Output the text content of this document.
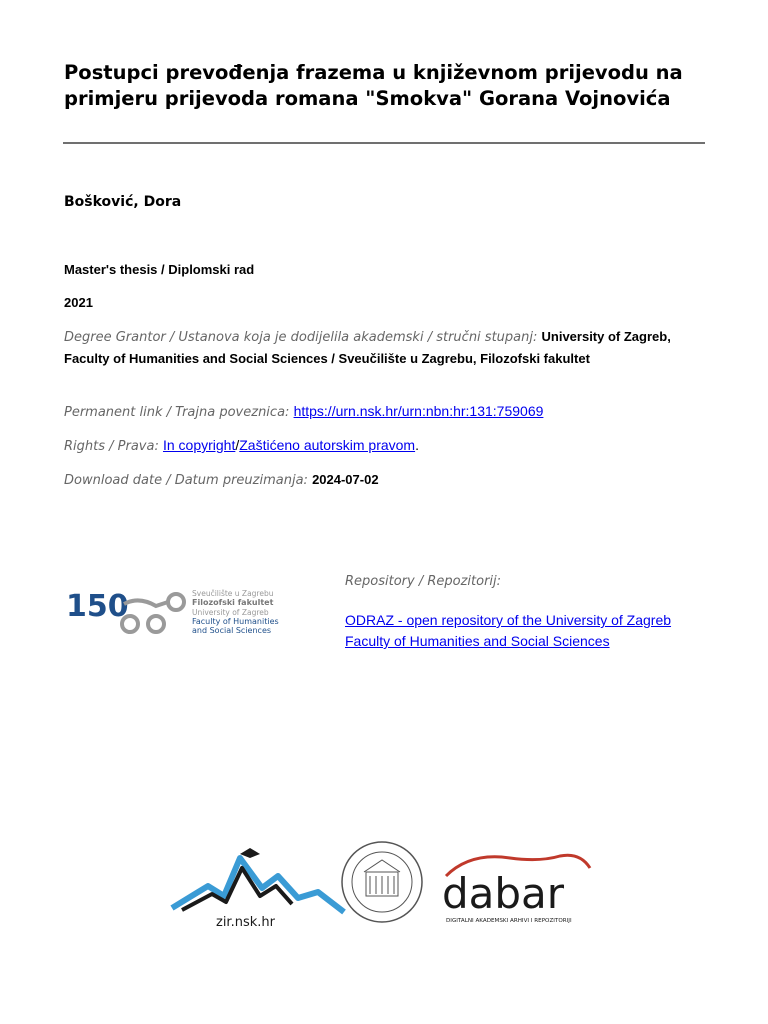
Postupci prevođenja frazema u književnom prijevodu na primjeru prijevoda romana "Smokva" Gorana Vojnovića
Bošković, Dora
Master's thesis / Diplomski rad
2021
Degree Grantor / Ustanova koja je dodijelila akademski / stručni stupanj: University of Zagreb, Faculty of Humanities and Social Sciences / Sveučilište u Zagrebu, Filozofski fakultet
Permanent link / Trajna poveznica: https://urn.nsk.hr/urn:nbn:hr:131:759069
Rights / Prava: In copyright/Zaštićeno autorskim pravom.
Download date / Datum preuzimanja: 2024-07-02
150	Sveučilište u Zagrebu
Filozofski fakultet
University of Zagreb
Faculty of Humanities
and Social Sciences
Repository / Repozitorij:
ODRAZ - open repository of the University of Zagreb Faculty of Humanities and Social Sciences
zir.nsk.hr
dabar
DIGITALNI AKADEMSKI ARHIVI I REPOZITORIJI
